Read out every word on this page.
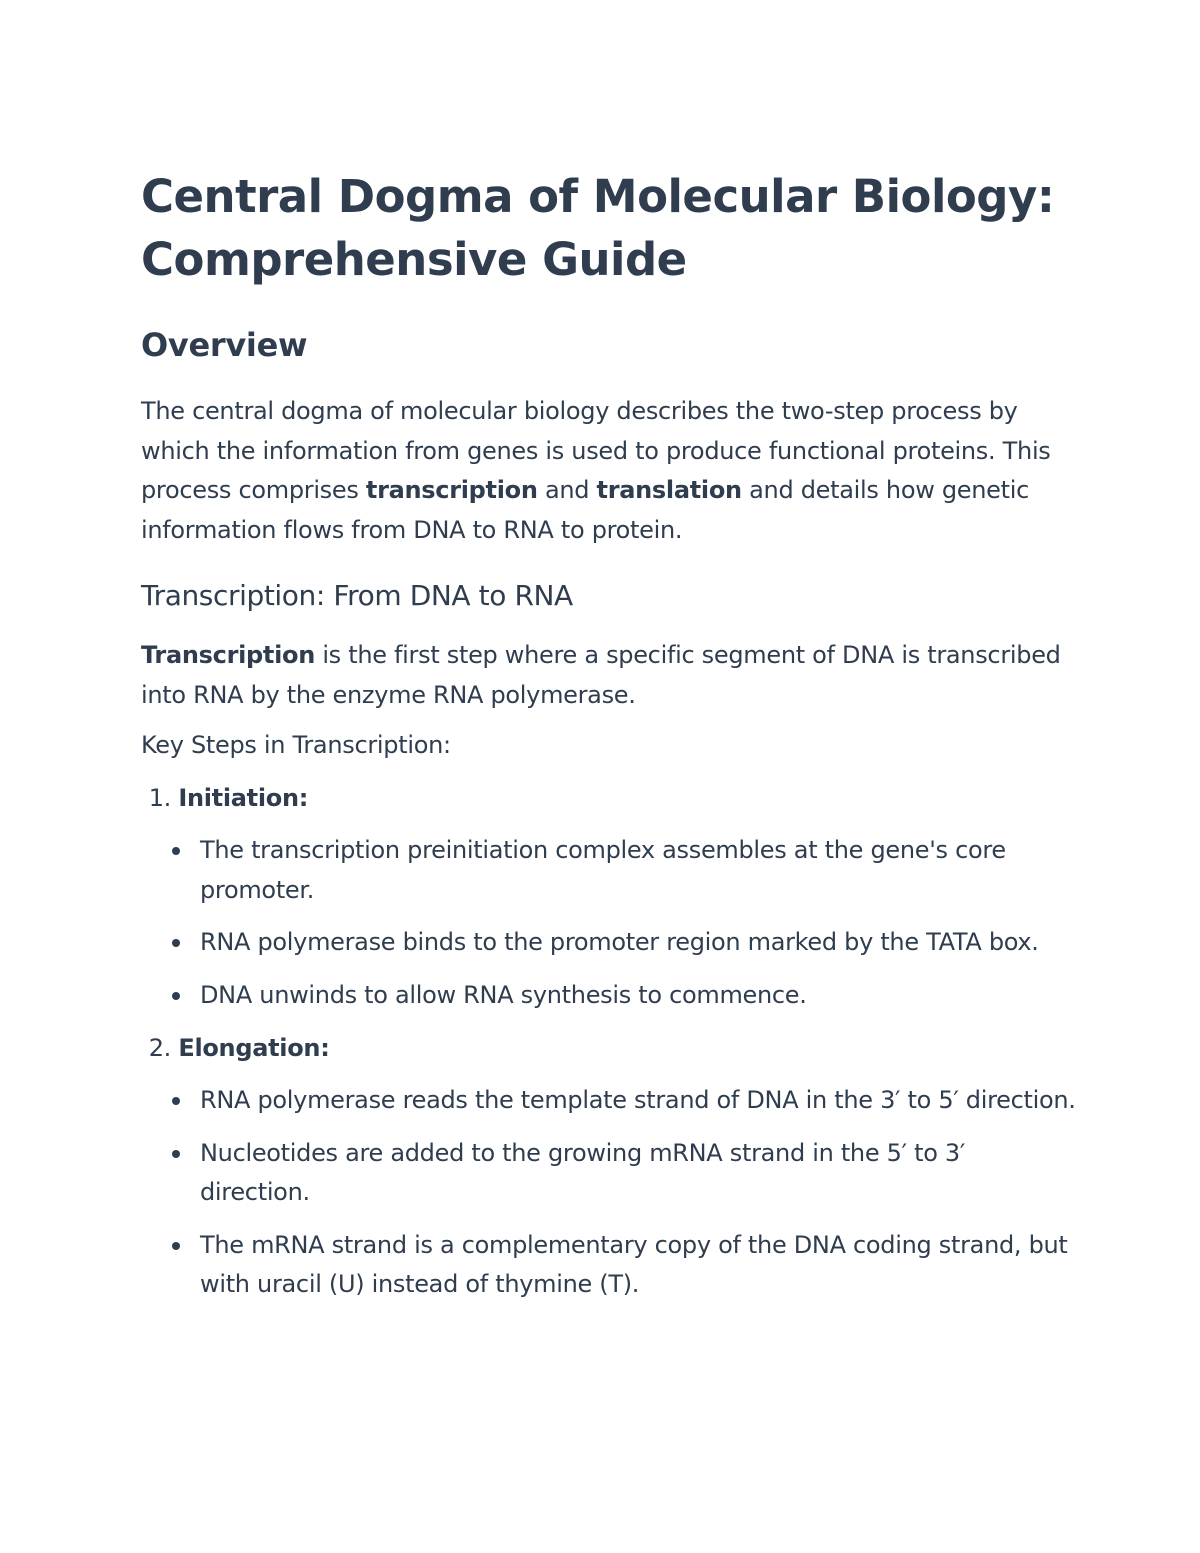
Central Dogma of Molecular Biology:
Comprehensive Guide
Overview

The central dogma of molecular biology describes the two-step process by which the information from genes is used to produce functional proteins. This process comprises transcription and translation and details how genetic information flows from DNA to RNA to protein.

Transcription: From DNA to RNA

Transcription is the first step where a specific segment of DNA is transcribed into RNA by the enzyme RNA polymerase.

Key Steps in Transcription:

1. Initiation:
The transcription preinitiation complex assembles at the gene's core promoter.
RNA polymerase binds to the promoter region marked by the TATA box.
DNA unwinds to allow RNA synthesis to commence.
2. Elongation:
RNA polymerase reads the template strand of DNA in the 3′ to 5′ direction.
Nucleotides are added to the growing mRNA strand in the 5′ to 3′ direction.
The mRNA strand is a complementary copy of the DNA coding strand, but with uracil (U) instead of thymine (T).
